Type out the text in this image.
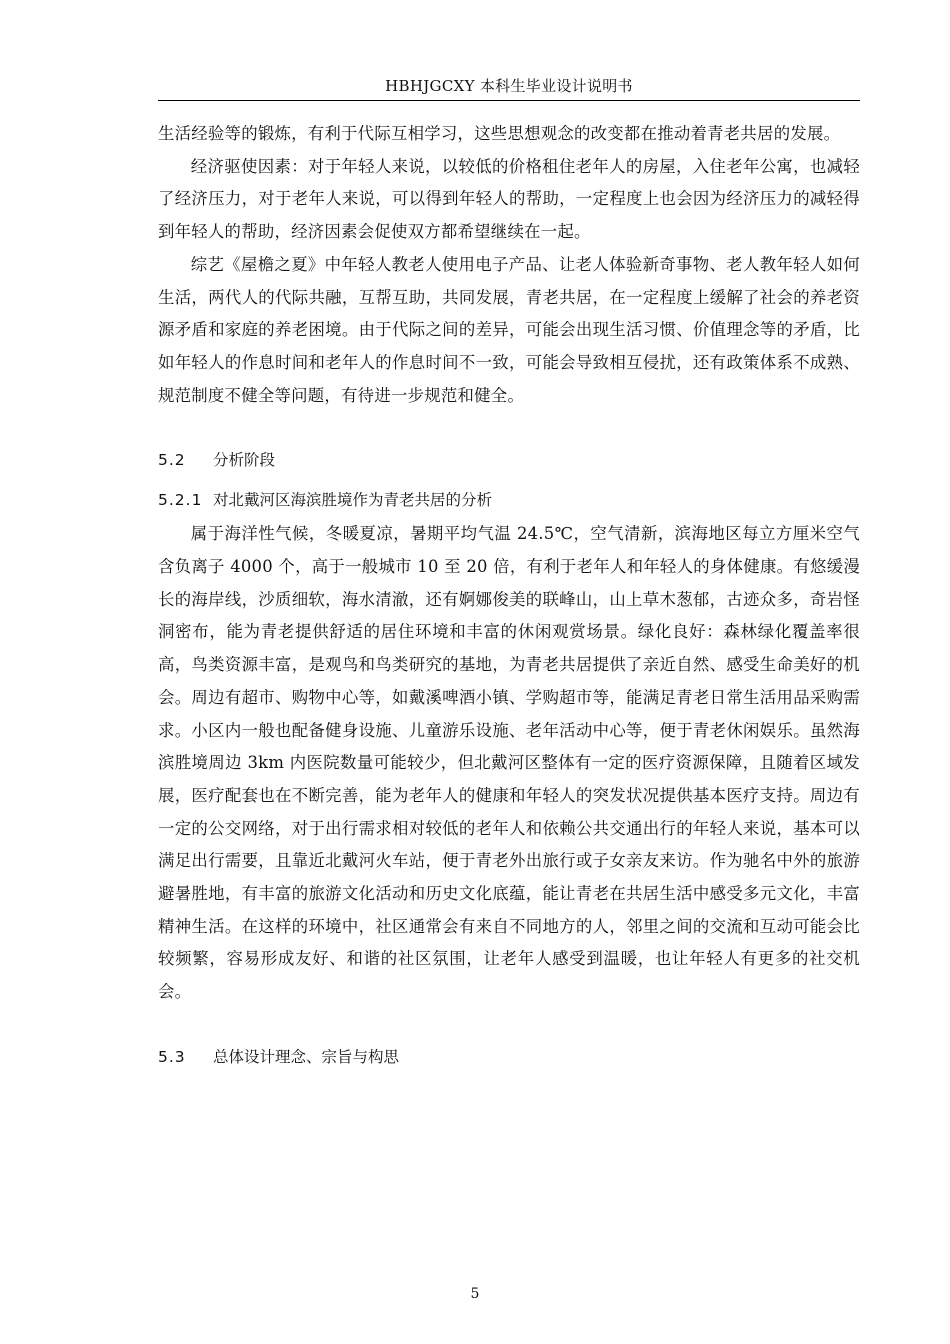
HBHJGCXY 本科生毕业设计说明书

生活经验等的锻炼，有利于代际互相学习，这些思想观念的改变都在推动着青老共居的发展。

经济驱使因素：对于年轻人来说，以较低的价格租住老年人的房屋，入住老年公寓，也减轻了经济压力，对于老年人来说，可以得到年轻人的帮助，一定程度上也会因为经济压力的减轻得到年轻人的帮助，经济因素会促使双方都希望继续在一起。

综艺《屋檐之夏》中年轻人教老人使用电子产品、让老人体验新奇事物、老人教年轻人如何生活，两代人的代际共融，互帮互助，共同发展，青老共居，在一定程度上缓解了社会的养老资源矛盾和家庭的养老困境。由于代际之间的差异，可能会出现生活习惯、价值理念等的矛盾，比如年轻人的作息时间和老年人的作息时间不一致，可能会导致相互侵扰，还有政策体系不成熟、规范制度不健全等问题，有待进一步规范和健全。

5.2 分析阶段

5.2.1 对北戴河区海滨胜境作为青老共居的分析

属于海洋性气候，冬暖夏凉，暑期平均气温 24.5℃，空气清新，滨海地区每立方厘米空气含负离子 4000 个，高于一般城市 10 至 20 倍，有利于老年人和年轻人的身体健康。有悠缓漫长的海岸线，沙质细软，海水清澈，还有婀娜俊美的联峰山，山上草木葱郁，古迹众多，奇岩怪洞密布，能为青老提供舒适的居住环境和丰富的休闲观赏场景。绿化良好：森林绿化覆盖率很高，鸟类资源丰富，是观鸟和鸟类研究的基地，为青老共居提供了亲近自然、感受生命美好的机会。周边有超市、购物中心等，如戴溪啤酒小镇、学购超市等，能满足青老日常生活用品采购需求。小区内一般也配备健身设施、儿童游乐设施、老年活动中心等，便于青老休闲娱乐。虽然海滨胜境周边 3km 内医院数量可能较少，但北戴河区整体有一定的医疗资源保障，且随着区域发展，医疗配套也在不断完善，能为老年人的健康和年轻人的突发状况提供基本医疗支持。周边有一定的公交网络，对于出行需求相对较低的老年人和依赖公共交通出行的年轻人来说，基本可以满足出行需要，且靠近北戴河火车站，便于青老外出旅行或子女亲友来访。作为驰名中外的旅游避暑胜地，有丰富的旅游文化活动和历史文化底蕴，能让青老在共居生活中感受多元文化，丰富精神生活。在这样的环境中，社区通常会有来自不同地方的人，邻里之间的交流和互动可能会比较频繁，容易形成友好、和谐的社区氛围，让老年人感受到温暖，也让年轻人有更多的社交机会。

5.3 总体设计理念、宗旨与构思

5
